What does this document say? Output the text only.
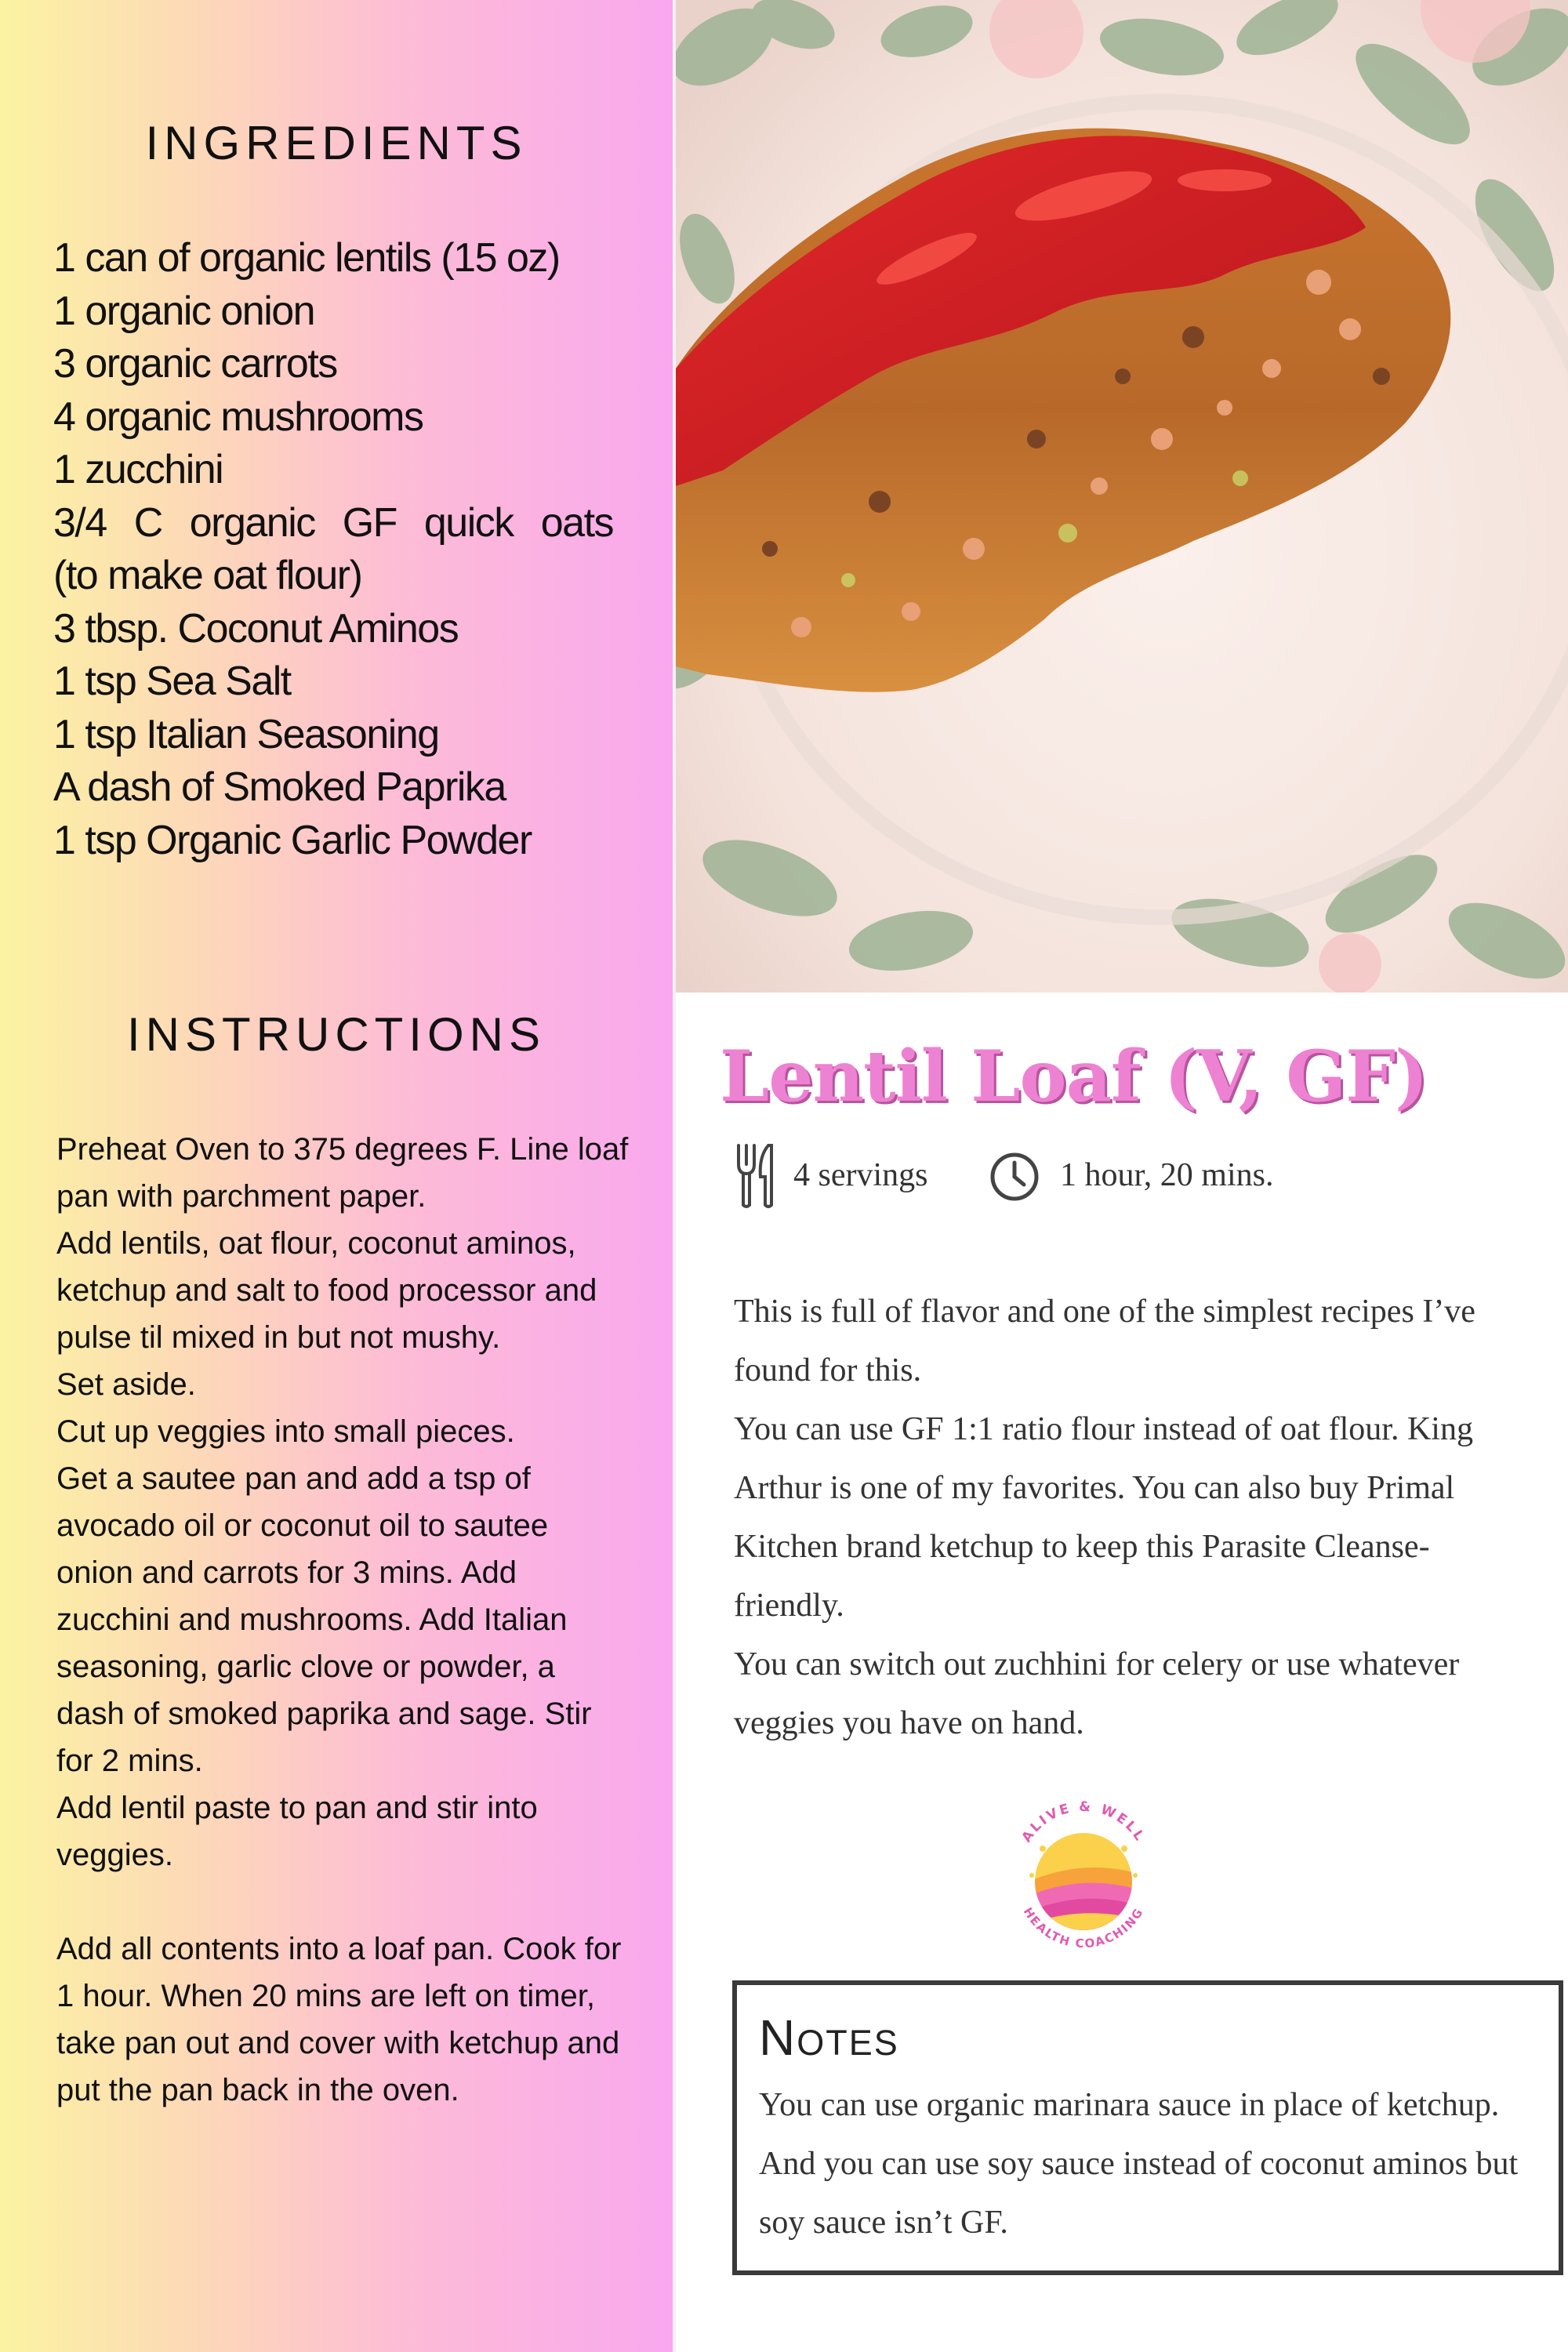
INGREDIENTS
1 can of organic lentils (15 oz)
1 organic onion
3 organic carrots
4 organic mushrooms
1 zucchini
3/4 C organic GF quick oats
(to make oat flour)
3 tbsp. Coconut Aminos
1 tsp Sea Salt
1 tsp Italian Seasoning
A dash of Smoked Paprika
1 tsp Organic Garlic Powder
INSTRUCTIONS

Preheat Oven to 375 degrees F. Line loaf pan with parchment paper.

Add lentils, oat flour, coconut aminos, ketchup and salt to food processor and pulse til mixed in but not mushy.

Set aside.

Cut up veggies into small pieces.

Get a sautee pan and add a tsp of avocado oil or coconut oil to sautee onion and carrots for 3 mins. Add zucchini and mushrooms. Add Italian seasoning, garlic clove or powder, a dash of smoked paprika and sage. Stir for 2 mins.

Add lentil paste to pan and stir into veggies.

Add all contents into a loaf pan. Cook for 1 hour. When 20 mins are left on timer, take pan out and cover with ketchup and put the pan back in the oven.

Lentil Loaf (V, GF)
4 servings	1 hour, 20 mins.

This is full of flavor and one of the simplest recipes I’ve found for this.

You can use GF 1:1 ratio flour instead of oat flour. King Arthur is one of my favorites. You can also buy Primal Kitchen brand ketchup to keep this Parasite Cleanse- friendly.

You can switch out zuchhini for celery or use whatever veggies you have on hand.

ALIVE & WELL
HEALTH COACHING
Notes

You can use organic marinara sauce in place of ketchup. And you can use soy sauce instead of coconut aminos but soy sauce isn’t GF.
